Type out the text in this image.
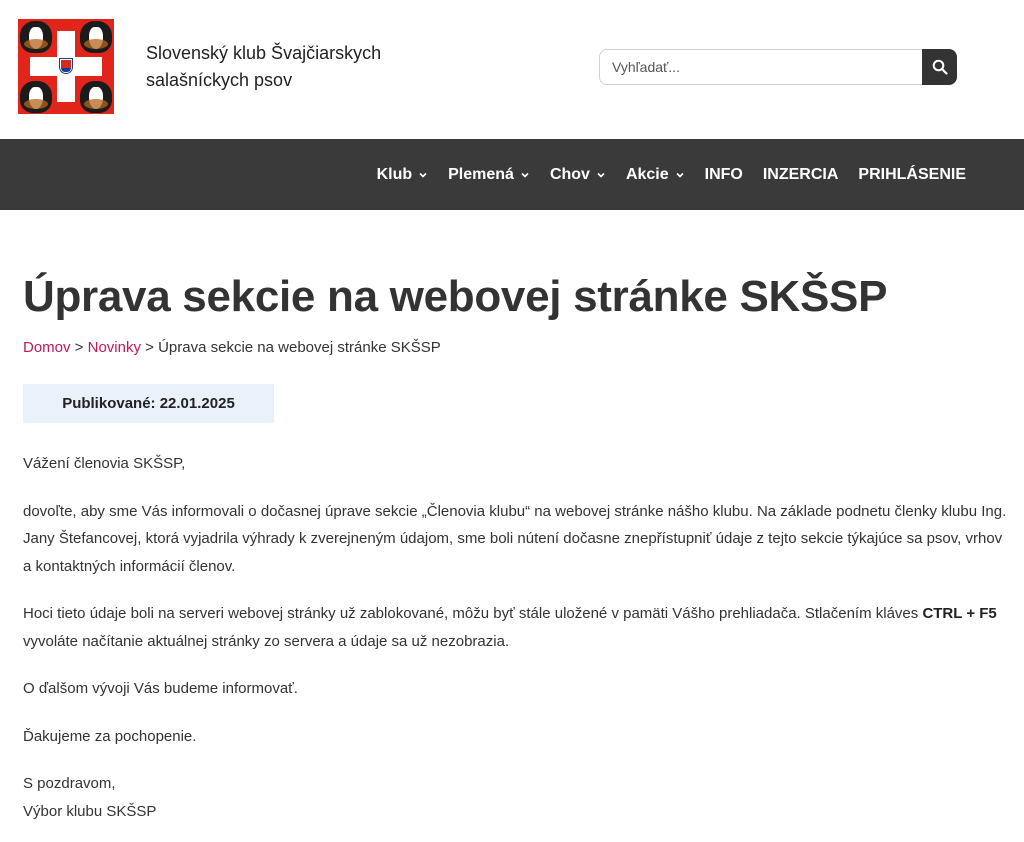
Slovenský klub Švajčiarskych salašníckych psov
Vyhľadať...
Klub Plemená Chov Akcie INFO INZERCIA PRIHLÁSENIE
Úprava sekcie na webovej stránke SKŠSP
Domov > Novinky > Úprava sekcie na webovej stránke SKŠSP
Publikované: 22.01.2025

Vážení členovia SKŠSP,

dovoľte, aby sme Vás informovali o dočasnej úprave sekcie „Členovia klubu“ na webovej stránke nášho klubu. Na základe podnetu členky klubu Ing. Jany Štefancovej, ktorá vyjadrila výhrady k zverejneným údajom, sme boli nútení dočasne znepřístupniť údaje z tejto sekcie týkajúce sa psov, vrhov a kontaktných informácií členov.

Hoci tieto údaje boli na serveri webovej stránky už zablokované, môžu byť stále uložené v pamäti Vášho prehliadača. Stlačením kláves CTRL + F5 vyvoláte načítanie aktuálnej stránky zo servera a údaje sa už nezobrazia.

O ďalšom vývoji Vás budeme informovať.

Ďakujeme za pochopenie.

S pozdravom,
Výbor klubu SKŠSP
